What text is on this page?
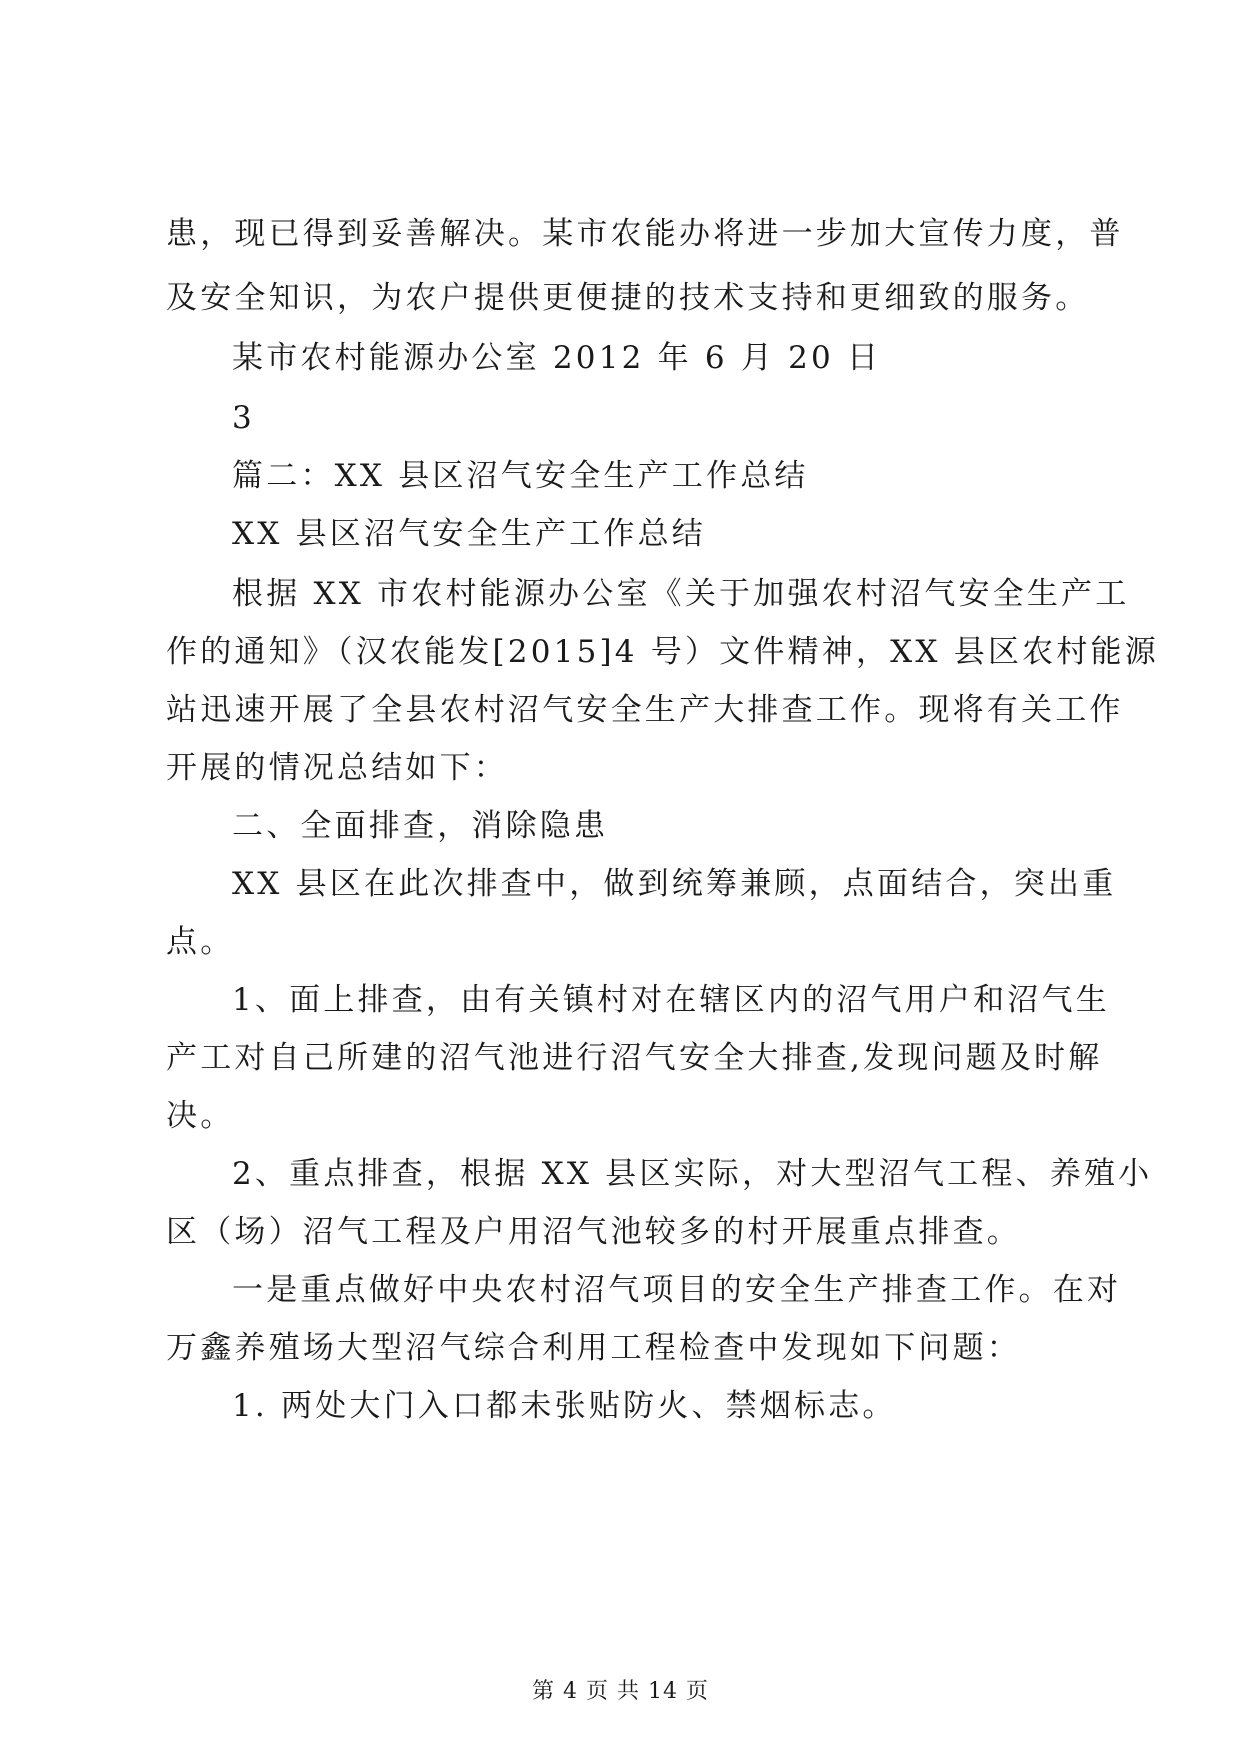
患，现已得到妥善解决。某市农能办将进一步加大宣传力度，普
及安全知识，为农户提供更便捷的技术支持和更细致的服务。
某市农村能源办公室 2012 年 6 月 20 日
3
篇二：XX 县区沼气安全生产工作总结
XX 县区沼气安全生产工作总结
根据 XX 市农村能源办公室《关于加强农村沼气安全生产工
作的通知》（汉农能发[2015]4 号）文件精神，XX 县区农村能源
站迅速开展了全县农村沼气安全生产大排查工作。现将有关工作
开展的情况总结如下：
二、全面排查，消除隐患
XX 县区在此次排查中，做到统筹兼顾，点面结合，突出重
点。
1、面上排查，由有关镇村对在辖区内的沼气用户和沼气生
产工对自己所建的沼气池进行沼气安全大排查,发现问题及时解
决。
2、重点排查，根据 XX 县区实际，对大型沼气工程、养殖小
区（场）沼气工程及户用沼气池较多的村开展重点排查。
一是重点做好中央农村沼气项目的安全生产排查工作。在对
万鑫养殖场大型沼气综合利用工程检查中发现如下问题：
1. 两处大门入口都未张贴防火、禁烟标志。
第 4 页 共 14 页
